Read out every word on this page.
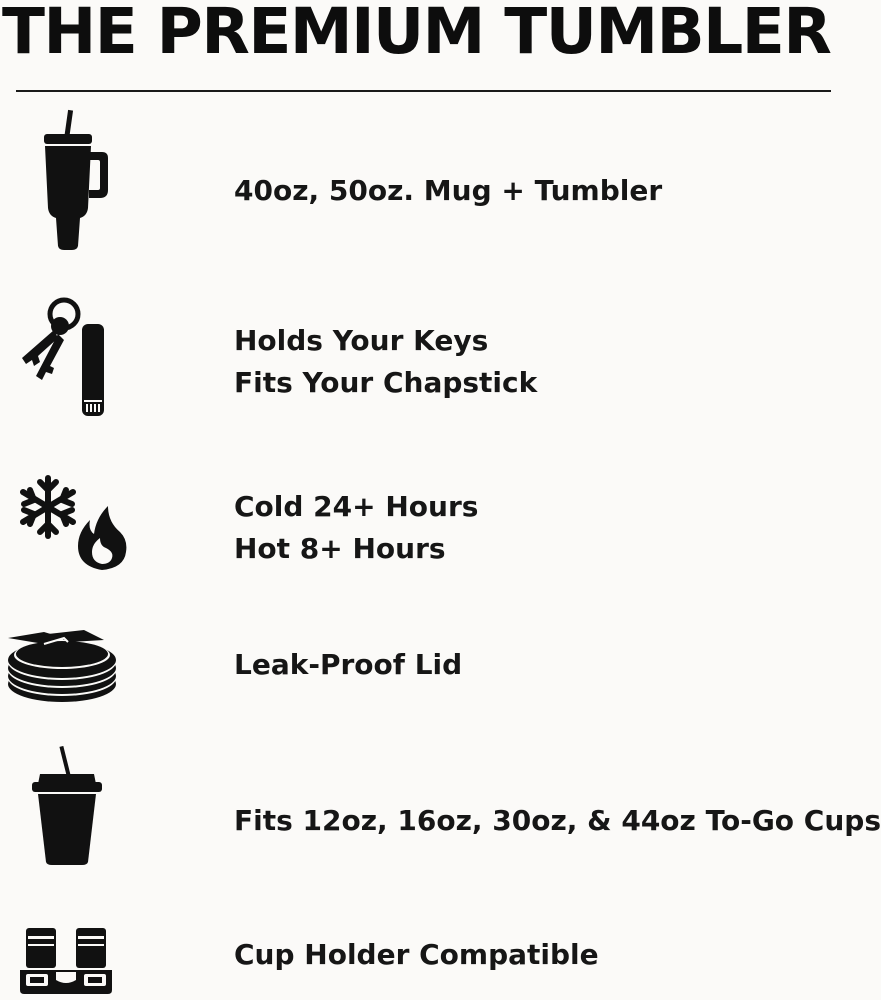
THE PREMIUM TUMBLER
40oz, 50oz. Mug + Tumbler
Holds Your Keys
Fits Your Chapstick
Cold 24+ Hours
Hot 8+ Hours
Leak-Proof Lid
Fits 12oz, 16oz, 30oz, & 44oz To-Go Cups
Cup Holder Compatible
